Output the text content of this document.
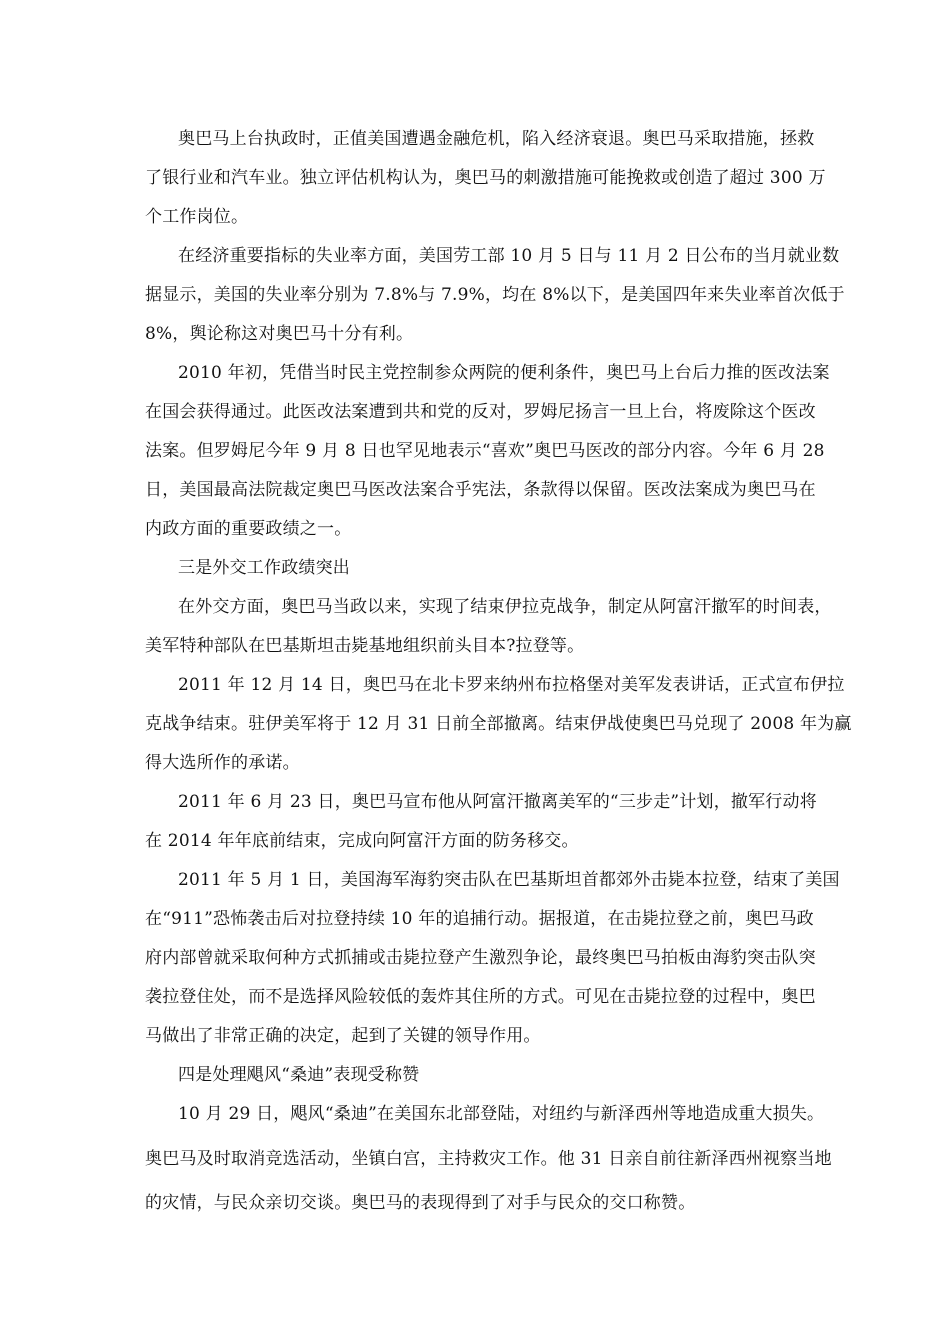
奥巴马上台执政时，正值美国遭遇金融危机，陷入经济衰退。奥巴马采取措施，拯救
了银行业和汽车业。独立评估机构认为，奥巴马的刺激措施可能挽救或创造了超过 300 万
个工作岗位。
在经济重要指标的失业率方面，美国劳工部 10 月 5 日与 11 月 2 日公布的当月就业数
据显示，美国的失业率分别为 7.8%与 7.9%，均在 8%以下，是美国四年来失业率首次低于
8%，舆论称这对奥巴马十分有利。
2010 年初，凭借当时民主党控制参众两院的便利条件，奥巴马上台后力推的医改法案
在国会获得通过。此医改法案遭到共和党的反对，罗姆尼扬言一旦上台，将废除这个医改
法案。但罗姆尼今年 9 月 8 日也罕见地表示“喜欢”奥巴马医改的部分内容。今年 6 月 28
日，美国最高法院裁定奥巴马医改法案合乎宪法，条款得以保留。医改法案成为奥巴马在
内政方面的重要政绩之一。
三是外交工作政绩突出
在外交方面，奥巴马当政以来，实现了结束伊拉克战争，制定从阿富汗撤军的时间表，
美军特种部队在巴基斯坦击毙基地组织前头目本?拉登等。
2011 年 12 月 14 日，奥巴马在北卡罗来纳州布拉格堡对美军发表讲话，正式宣布伊拉
克战争结束。驻伊美军将于 12 月 31 日前全部撤离。结束伊战使奥巴马兑现了 2008 年为赢
得大选所作的承诺。
2011 年 6 月 23 日，奥巴马宣布他从阿富汗撤离美军的“三步走”计划，撤军行动将
在 2014 年年底前结束，完成向阿富汗方面的防务移交。
2011 年 5 月 1 日，美国海军海豹突击队在巴基斯坦首都郊外击毙本拉登，结束了美国
在“911”恐怖袭击后对拉登持续 10 年的追捕行动。据报道，在击毙拉登之前，奥巴马政
府内部曾就采取何种方式抓捕或击毙拉登产生激烈争论，最终奥巴马拍板由海豹突击队突
袭拉登住处，而不是选择风险较低的轰炸其住所的方式。可见在击毙拉登的过程中，奥巴
马做出了非常正确的决定，起到了关键的领导作用。
四是处理飓风“桑迪”表现受称赞
10 月 29 日，飓风“桑迪”在美国东北部登陆，对纽约与新泽西州等地造成重大损失。
奥巴马及时取消竞选活动，坐镇白宫，主持救灾工作。他 31 日亲自前往新泽西州视察当地
的灾情，与民众亲切交谈。奥巴马的表现得到了对手与民众的交口称赞。
